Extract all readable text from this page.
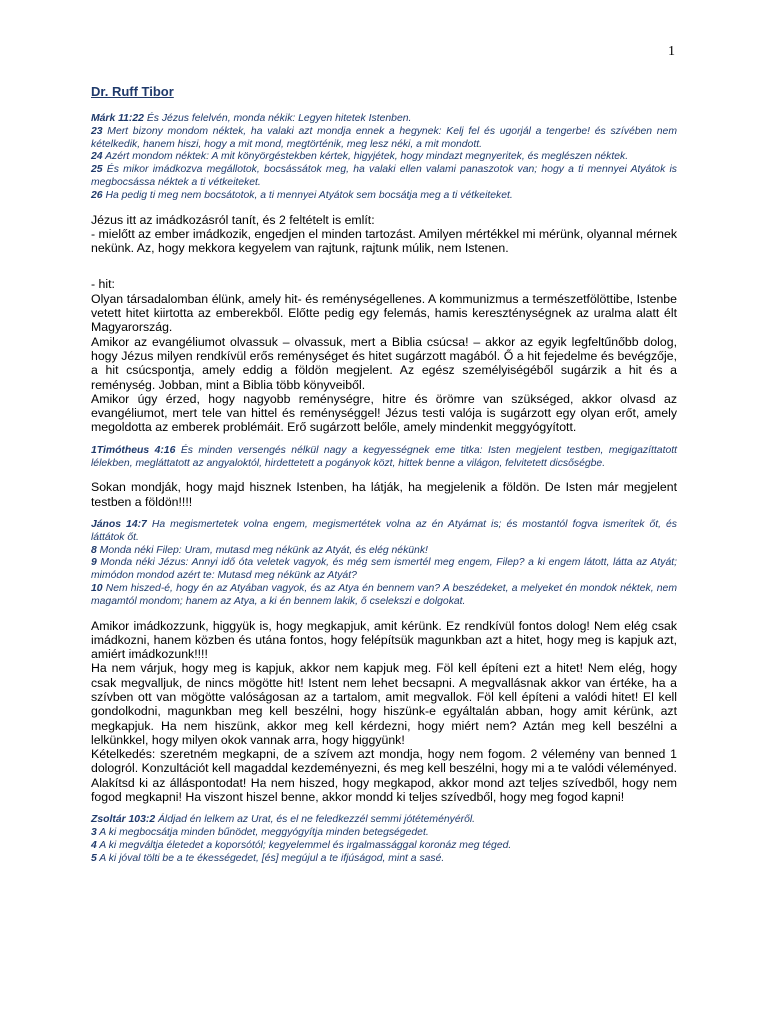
1
Dr. Ruff Tibor

Márk 11:22 És Jézus felelvén, monda nékik: Legyen hitetek Istenben.

23 Mert bizony mondom néktek, ha valaki azt mondja ennek a hegynek: Kelj fel és ugorjál a tengerbe! és szívében nem kételkedik, hanem hiszi, hogy a mit mond, megtörténik, meg lesz néki, a mit mondott.

24 Azért mondom néktek: A mit könyörgéstekben kértek, higyjétek, hogy mindazt megnyeritek, és meglészen néktek.

25 És mikor imádkozva megállotok, bocsássátok meg, ha valaki ellen valami panaszotok van; hogy a ti mennyei Atyátok is megbocsássa néktek a ti vétkeiteket.

26 Ha pedig ti meg nem bocsátotok, a ti mennyei Atyátok sem bocsátja meg a ti vétkeiteket.

Jézus itt az imádkozásról tanít, és 2 feltételt is említ:

- mielőtt az ember imádkozik, engedjen el minden tartozást. Amilyen mértékkel mi mérünk, olyannal mérnek nekünk. Az, hogy mekkora kegyelem van rajtunk, rajtunk múlik, nem Istenen.

- hit:

Olyan társadalomban élünk, amely hit- és reménységellenes. A kommunizmus a természetfölöttibe, Istenbe vetett hitet kiirtotta az emberekből. Előtte pedig egy felemás, hamis kereszténységnek az uralma alatt élt Magyarország.

Amikor az evangéliumot olvassuk – olvassuk, mert a Biblia csúcsa! – akkor az egyik legfeltűnőbb dolog, hogy Jézus milyen rendkívül erős reménységet és hitet sugárzott magából. Ő a hit fejedelme és bevégzője, a hit csúcspontja, amely eddig a földön megjelent. Az egész személyiségéből sugárzik a hit és a reménység. Jobban, mint a Biblia több könyveiből.

Amikor úgy érzed, hogy nagyobb reménységre, hitre és örömre van szükséged, akkor olvasd az evangéliumot, mert tele van hittel és reménységgel! Jézus testi valója is sugárzott egy olyan erőt, amely megoldotta az emberek problémáit. Erő sugárzott belőle, amely mindenkit meggyógyított.

1Timótheus 4:16 És minden versengés nélkül nagy a kegyességnek eme titka: Isten megjelent testben, megigazíttatott lélekben, megláttatott az angyaloktól, hirdettetett a pogányok közt, hittek benne a világon, felvitetett dicsőségbe.

Sokan mondják, hogy majd hisznek Istenben, ha látják, ha megjelenik a földön. De Isten már megjelent testben a földön!!!!

János 14:7 Ha megismertetek volna engem, megismertétek volna az én Atyámat is; és mostantól fogva ismeritek őt, és láttátok őt.

8 Monda néki Filep: Uram, mutasd meg nékünk az Atyát, és elég nékünk!

9 Monda néki Jézus: Annyi idő óta veletek vagyok, és még sem ismertél meg engem, Filep? a ki engem látott, látta az Atyát; mimódon mondod azért te: Mutasd meg nékünk az Atyát?

10 Nem hiszed-é, hogy én az Atyában vagyok, és az Atya én bennem van? A beszédeket, a melyeket én mondok néktek, nem magamtól mondom; hanem az Atya, a ki én bennem lakik, ő cselekszi e dolgokat.

Amikor imádkozzunk, higgyük is, hogy megkapjuk, amit kérünk. Ez rendkívül fontos dolog! Nem elég csak imádkozni, hanem közben és utána fontos, hogy felépítsük magunkban azt a hitet, hogy meg is kapjuk azt, amiért imádkozunk!!!!

Ha nem várjuk, hogy meg is kapjuk, akkor nem kapjuk meg. Föl kell építeni ezt a hitet! Nem elég, hogy csak megvalljuk, de nincs mögötte hit! Istent nem lehet becsapni. A megvallásnak akkor van értéke, ha a szívben ott van mögötte valóságosan az a tartalom, amit megvallok. Föl kell építeni a valódi hitet! El kell gondolkodni, magunkban meg kell beszélni, hogy hiszünk-e egyáltalán abban, hogy amit kérünk, azt megkapjuk. Ha nem hiszünk, akkor meg kell kérdezni, hogy miért nem? Aztán meg kell beszélni a lelkünkkel, hogy milyen okok vannak arra, hogy higgyünk!

Kételkedés: szeretném megkapni, de a szívem azt mondja, hogy nem fogom. 2 vélemény van benned 1 dologról. Konzultációt kell magaddal kezdeményezni, és meg kell beszélni, hogy mi a te valódi véleményed. Alakítsd ki az álláspontodat! Ha nem hiszed, hogy megkapod, akkor mond azt teljes szívedből, hogy nem fogod megkapni! Ha viszont hiszel benne, akkor mondd ki teljes szívedből, hogy meg fogod kapni!

Zsoltár 103:2 Áldjad én lelkem az Urat, és el ne feledkezzél semmi jótéteményéről.

3 A ki megbocsátja minden bűnödet, meggyógyítja minden betegségedet.

4 A ki megváltja életedet a koporsótól; kegyelemmel és irgalmassággal koronáz meg téged.

5 A ki jóval tölti be a te ékességedet, [és] megújul a te ifjúságod, mint a sasé.
